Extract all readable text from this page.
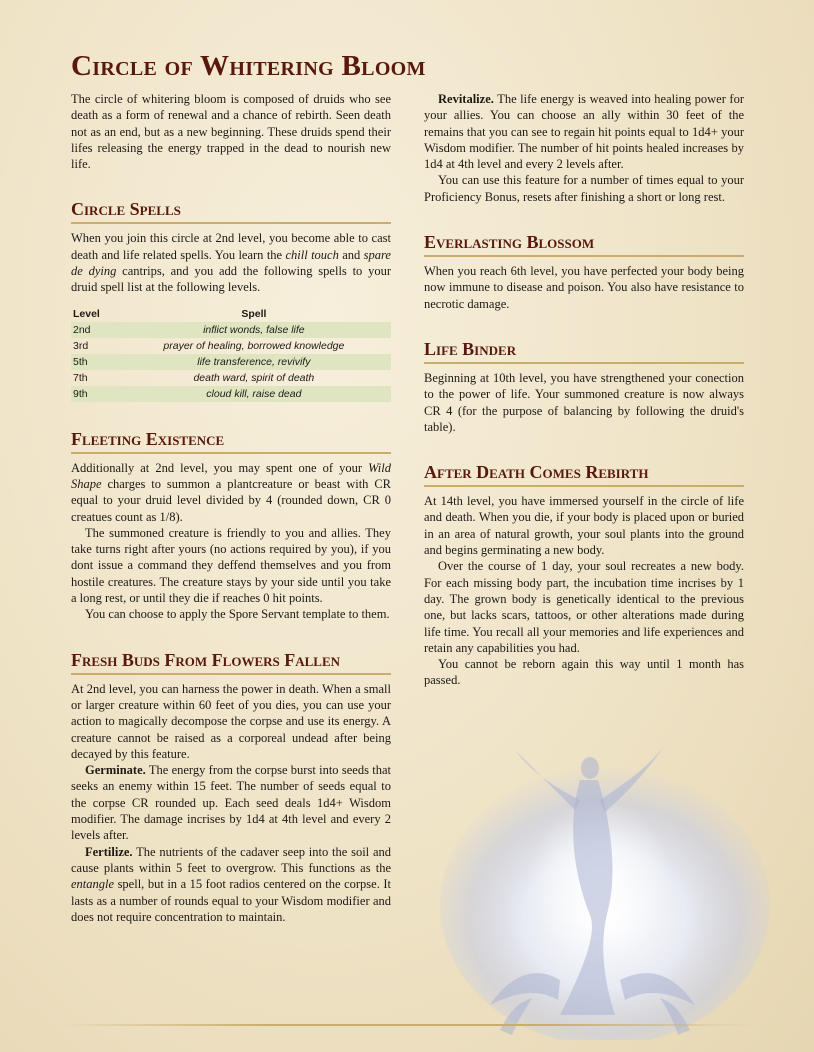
Circle of Whitering Bloom

The circle of whitering bloom is composed of druids who see death as a form of renewal and a chance of rebirth. Seen death not as an end, but as a new beginning. These druids spend their lifes releasing the energy trapped in the dead to nourish new life.

Circle Spells

When you join this circle at 2nd level, you become able to cast death and life related spells. You learn the chill touch and spare de dying cantrips, and you add the following spells to your druid spell list at the following levels.

Level	Spell
2nd	inflict wonds, false life
3rd	prayer of healing, borrowed knowledge
5th	life transference, revivify
7th	death ward, spirit of death
9th	cloud kill, raise dead
Fleeting Existence

Additionally at 2nd level, you may spent one of your Wild Shape charges to summon a plantcreature or beast with CR equal to your druid level divided by 4 (rounded down, CR 0 creatues count as 1/8).

The summoned creature is friendly to you and allies. They take turns right after yours (no actions required by you), if you dont issue a command they deffend themselves and you from hostile creatures. The creature stays by your side until you take a long rest, or until they die if reaches 0 hit points.

You can choose to apply the Spore Servant template to them.

Fresh Buds From Flowers Fallen

At 2nd level, you can harness the power in death. When a small or larger creature within 60 feet of you dies, you can use your action to magically decompose the corpse and use its energy. A creature cannot be raised as a corporeal undead after being decayed by this feature.

Germinate. The energy from the corpse burst into seeds that seeks an enemy within 15 feet. The number of seeds equal to the corpse CR rounded up. Each seed deals 1d4+ Wisdom modifier. The damage incrises by 1d4 at 4th level and every 2 levels after.

Fertilize. The nutrients of the cadaver seep into the soil and cause plants within 5 feet to overgrow. This functions as the entangle spell, but in a 15 foot radios centered on the corpse. It lasts as a number of rounds equal to your Wisdom modifier and does not require concentration to maintain.

Revitalize. The life energy is weaved into healing power for your allies. You can choose an ally within 30 feet of the remains that you can see to regain hit points equal to 1d4+ your Wisdom modifier. The number of hit points healed increases by 1d4 at 4th level and every 2 levels after.

You can use this feature for a number of times equal to your Proficiency Bonus, resets after finishing a short or long rest.

Everlasting Blossom

When you reach 6th level, you have perfected your body being now immune to disease and poison. You also have resistance to necrotic damage.

Life Binder

Beginning at 10th level, you have strengthened your conection to the power of life. Your summoned creature is now always CR 4 (for the purpose of balancing by following the druid's table).

After Death Comes Rebirth

At 14th level, you have immersed yourself in the circle of life and death. When you die, if your body is placed upon or buried in an area of natural growth, your soul plants into the ground and begins germinating a new body.

Over the course of 1 day, your soul recreates a new body. For each missing body part, the incubation time incrises by 1 day. The grown body is genetically identical to the previous one, but lacks scars, tattoos, or other alterations made during life time. You recall all your memories and life experiences and retain any capabilities you had.

You cannot be reborn again this way until 1 month has passed.
